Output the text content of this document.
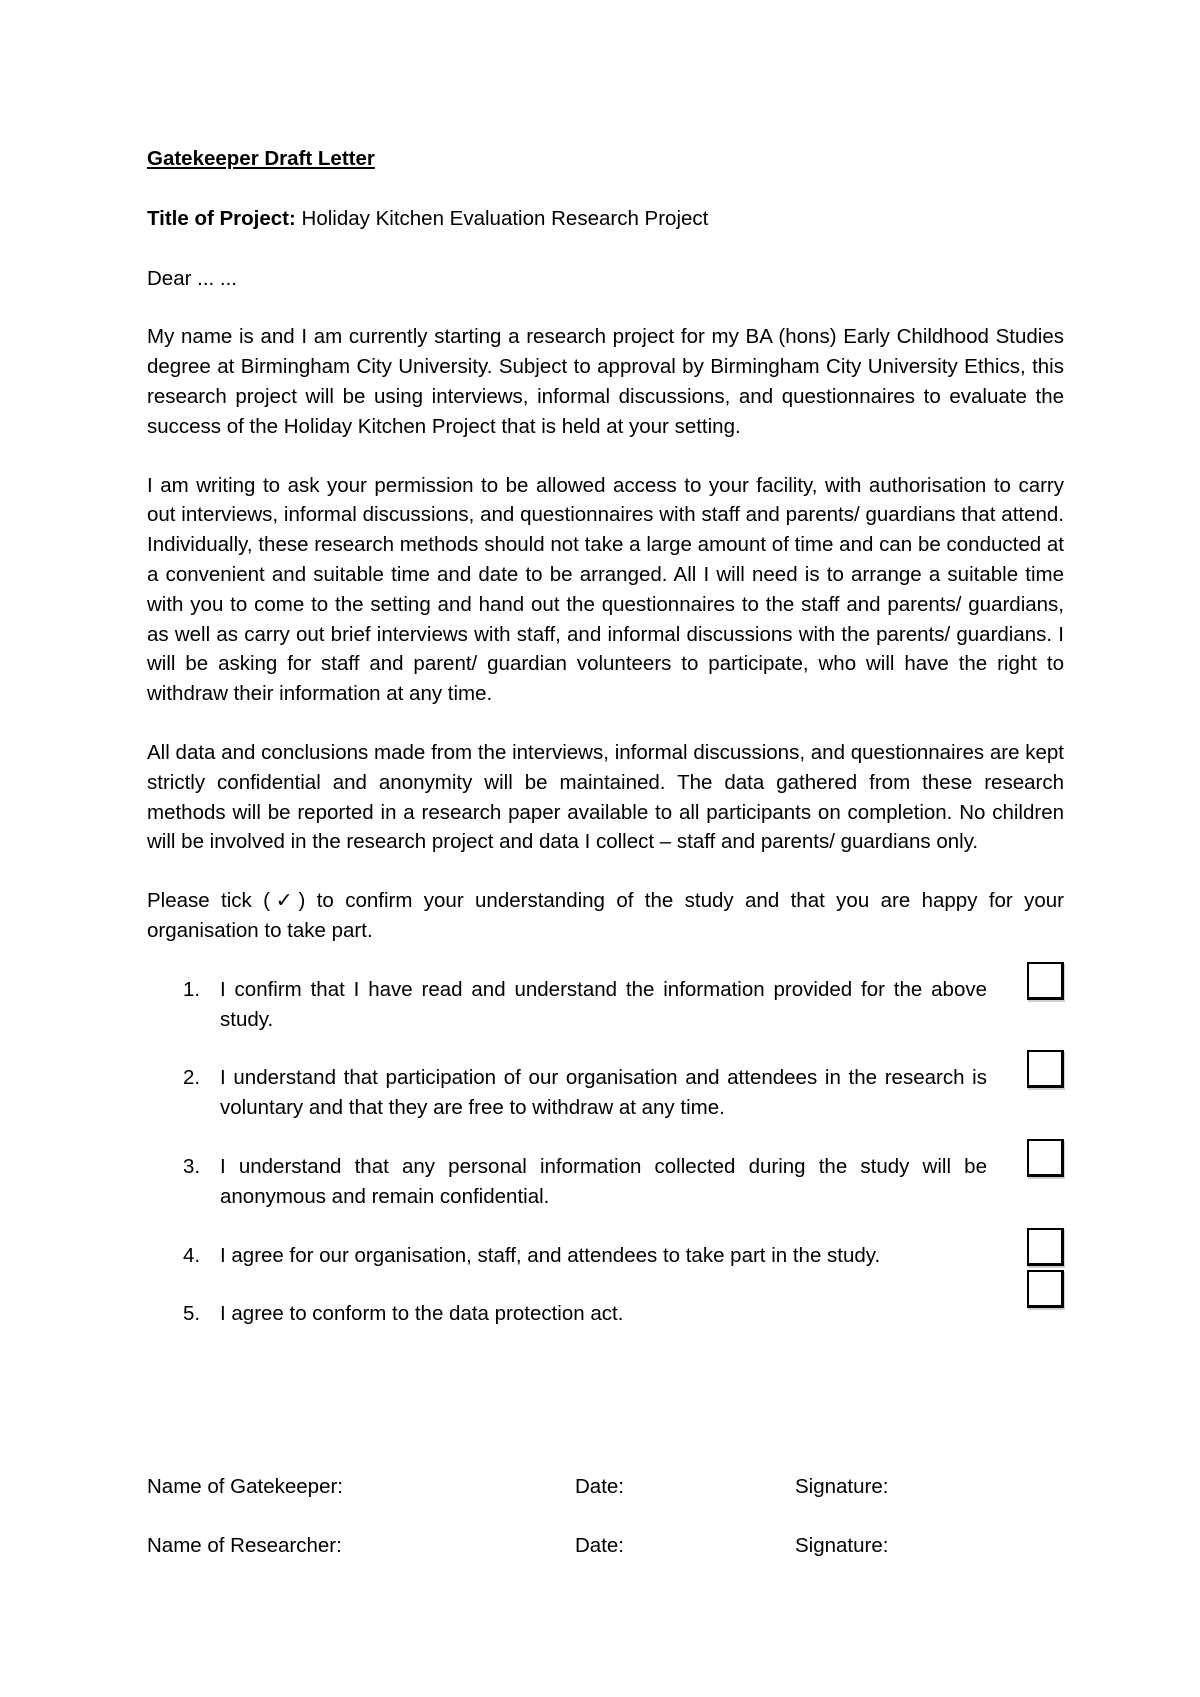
Gatekeeper Draft Letter

Title of Project: Holiday Kitchen Evaluation Research Project

Dear ... ...

My name is and I am currently starting a research project for my BA (hons) Early Childhood Studies degree at Birmingham City University. Subject to approval by Birmingham City University Ethics, this research project will be using interviews, informal discussions, and questionnaires to evaluate the success of the Holiday Kitchen Project that is held at your setting.

I am writing to ask your permission to be allowed access to your facility, with authorisation to carry out interviews, informal discussions, and questionnaires with staff and parents/ guardians that attend. Individually, these research methods should not take a large amount of time and can be conducted at a convenient and suitable time and date to be arranged. All I will need is to arrange a suitable time with you to come to the setting and hand out the questionnaires to the staff and parents/ guardians, as well as carry out brief interviews with staff, and informal discussions with the parents/ guardians. I will be asking for staff and parent/ guardian volunteers to participate, who will have the right to withdraw their information at any time.

All data and conclusions made from the interviews, informal discussions, and questionnaires are kept strictly confidential and anonymity will be maintained. The data gathered from these research methods will be reported in a research paper available to all participants on completion. No children will be involved in the research project and data I collect – staff and parents/ guardians only.

Please tick (✓) to confirm your understanding of the study and that you are happy for your organisation to take part.

1. I confirm that I have read and understand the information provided for the above study.
2. I understand that participation of our organisation and attendees in the research is voluntary and that they are free to withdraw at any time.
3. I understand that any personal information collected during the study will be anonymous and remain confidential.
4. I agree for our organisation, staff, and attendees to take part in the study.
5. I agree to conform to the data protection act.
Name of Gatekeeper:	Date:	Signature:
Name of Researcher:	Date:	Signature:
